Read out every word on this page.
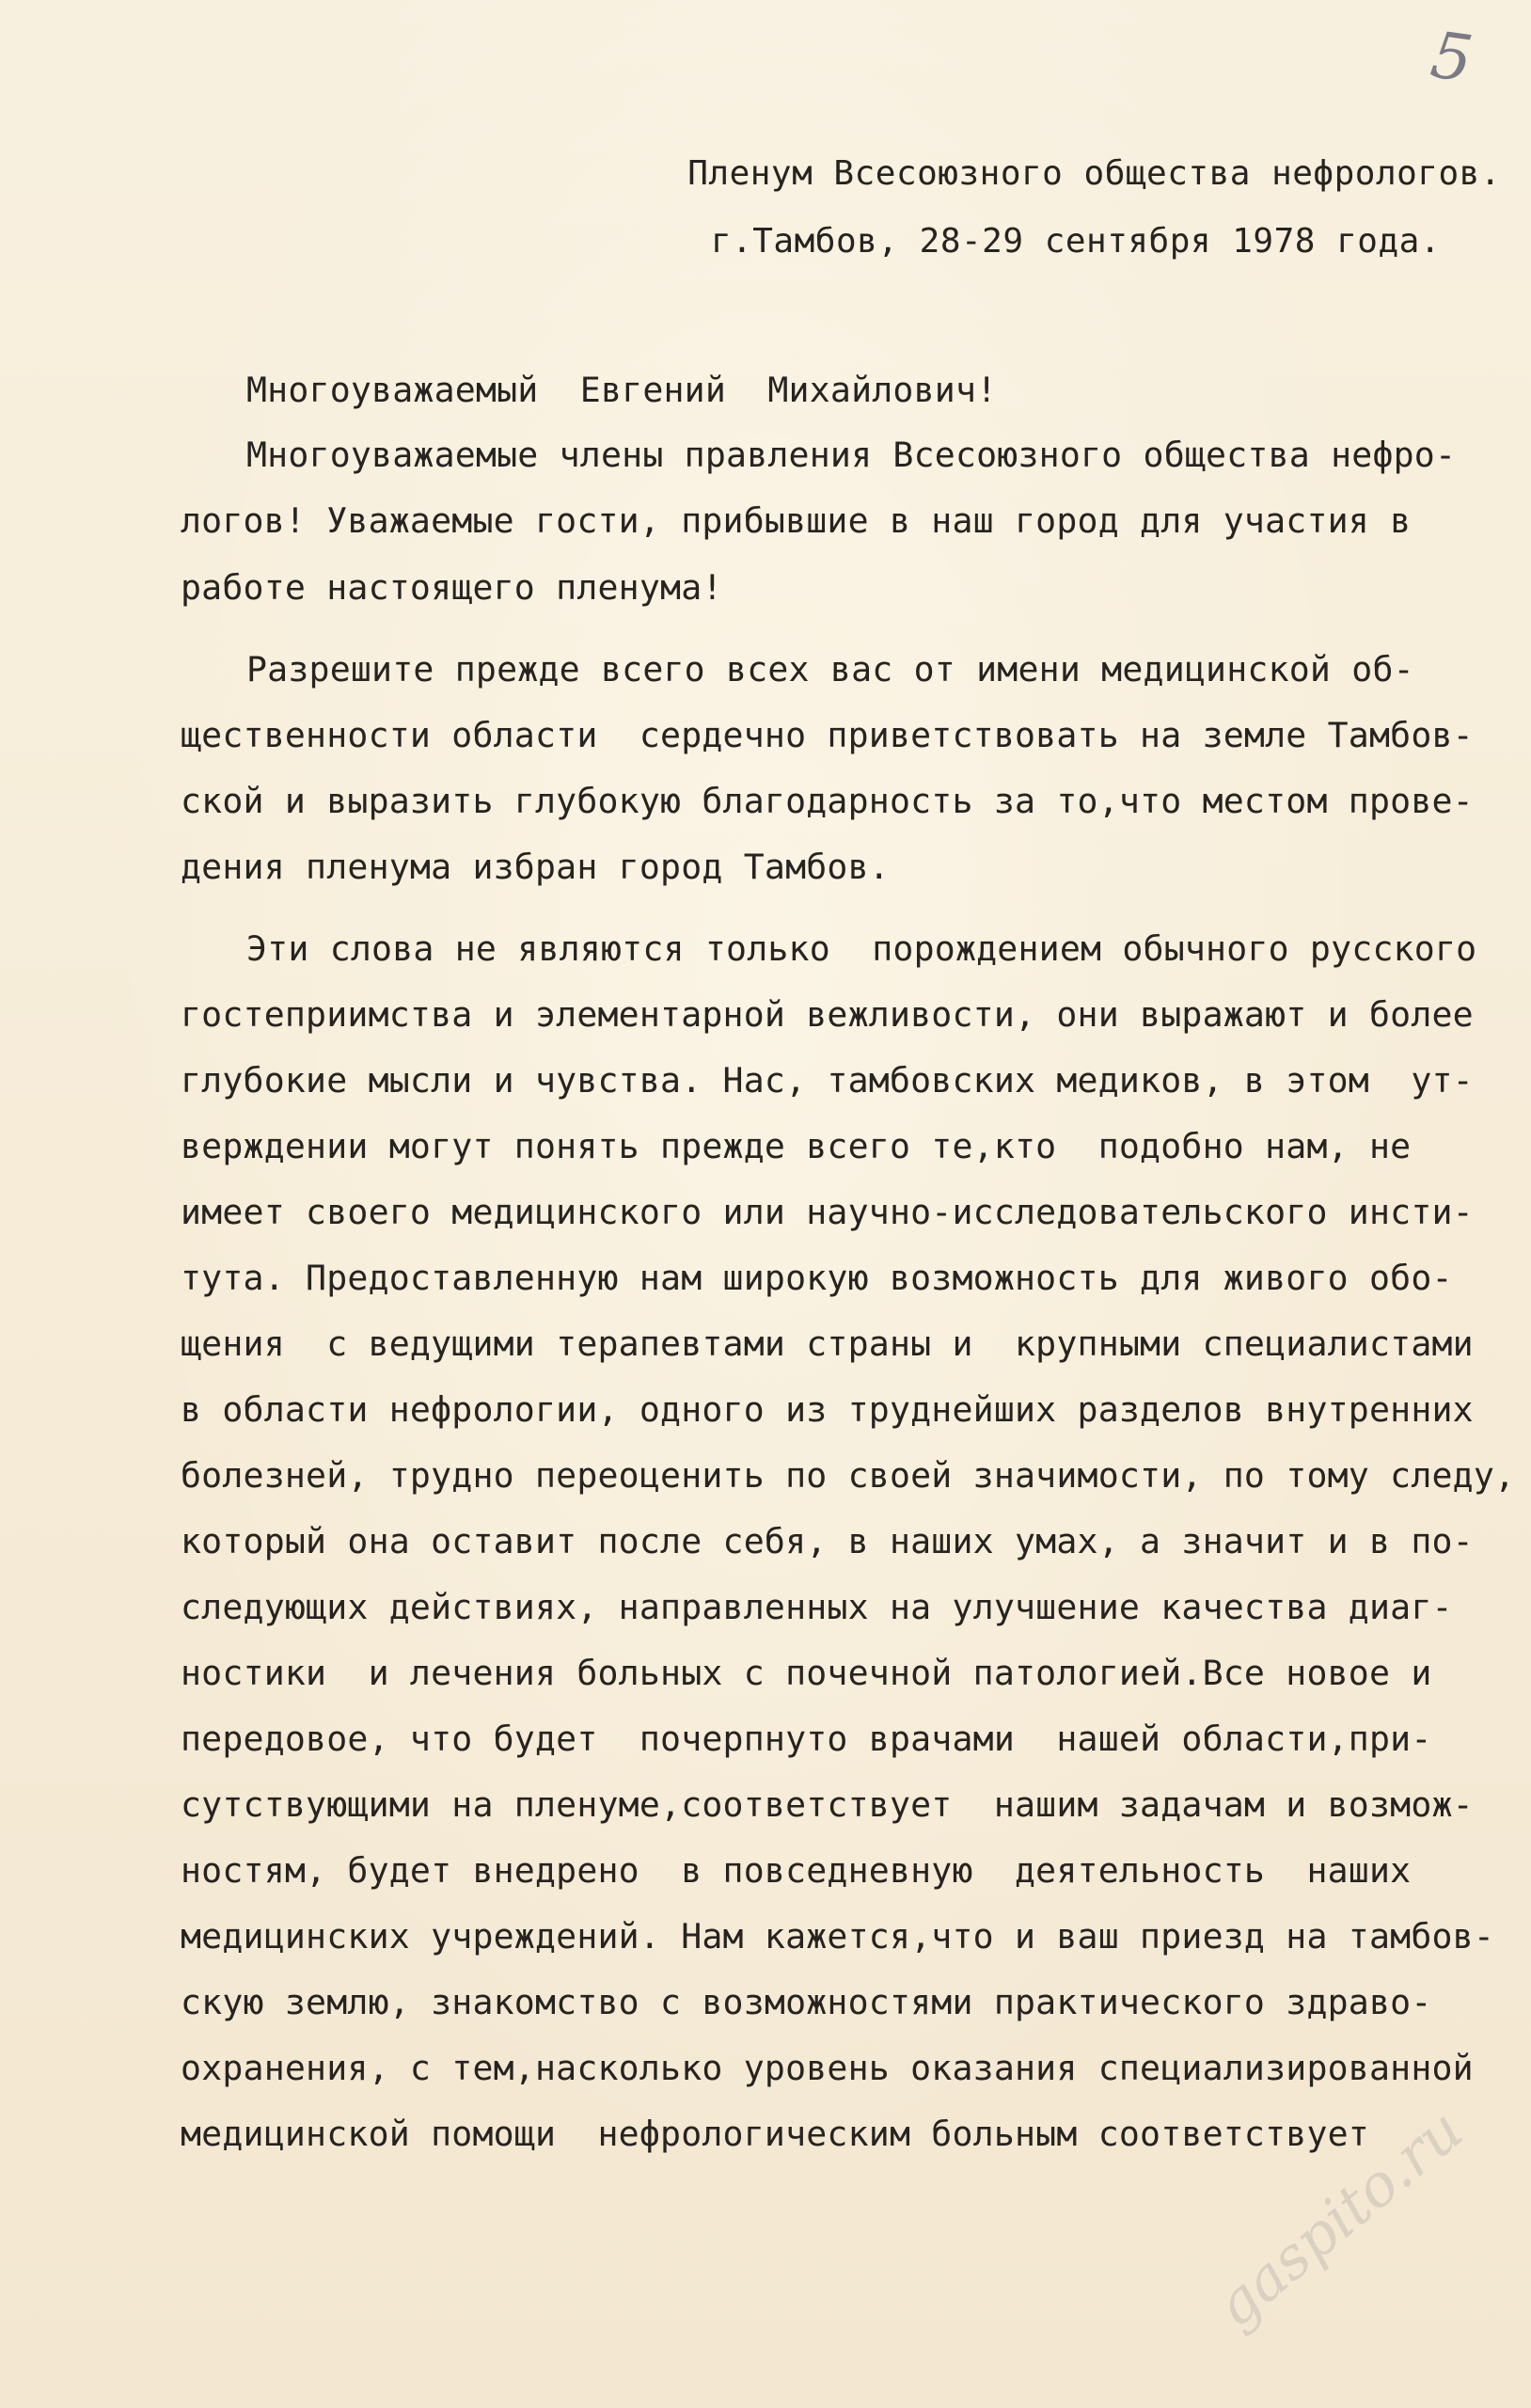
5
Пленум Всесоюзного общества нефрологов.
г.Тамбов, 28-29 сентября 1978 года.
Многоуважаемый  Евгений  Михайлович!
Многоуважаемые члены правления Всесоюзного общества нефро-
логов! Уважаемые гости, прибывшие в наш город для участия в
работе настоящего пленума!
Разрешите прежде всего всех вас от имени медицинской об-
щественности области  сердечно приветствовать на земле Тамбов-
ской и выразить глубокую благодарность за то,что местом прове-
дения пленума избран город Тамбов.
Эти слова не являются только  порождением обычного русского
гостеприимства и элементарной вежливости, они выражают и более
глубокие мысли и чувства. Нас, тамбовских медиков, в этом  ут-
верждении могут понять прежде всего те,кто  подобно нам, не
имеет своего медицинского или научно-исследовательского инсти-
тута. Предоставленную нам широкую возможность для живого обо-
щения  с ведущими терапевтами страны и  крупными специалистами
в области нефрологии, одного из труднейших разделов внутренних
болезней, трудно переоценить по своей значимости, по тому следу,
который она оставит после себя, в наших умах, а значит и в по-
следующих действиях, направленных на улучшение качества диаг-
ностики  и лечения больных с почечной патологией.Все новое и
передовое, что будет  почерпнуто врачами  нашей области,при-
сутствующими на пленуме,соответствует  нашим задачам и возмож-
ностям, будет внедрено  в повседневную  деятельность  наших
медицинских учреждений. Нам кажется,что и ваш приезд на тамбов-
скую землю, знакомство с возможностями практического здраво-
охранения, с тем,насколько уровень оказания специализированной
медицинской помощи  нефрологическим больным соответствует
gaspito.ru
